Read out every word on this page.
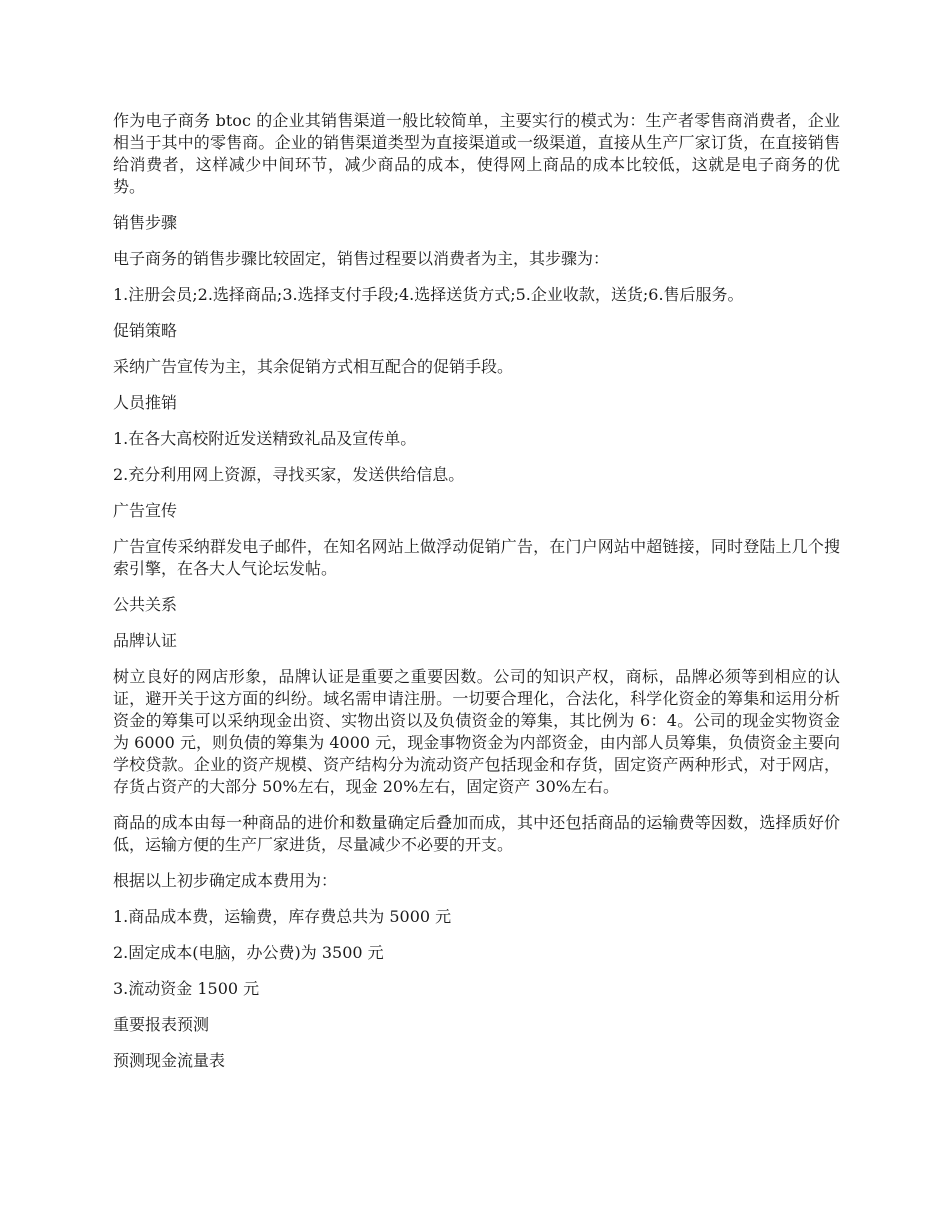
作为电子商务 btoc 的企业其销售渠道一般比较简单，主要实行的模式为：生产者零售商消费者，企业相当于其中的零售商。企业的销售渠道类型为直接渠道或一级渠道，直接从生产厂家订货，在直接销售给消费者，这样减少中间环节，减少商品的成本，使得网上商品的成本比较低，这就是电子商务的优势。

销售步骤

电子商务的销售步骤比较固定，销售过程要以消费者为主，其步骤为：

1.注册会员;2.选择商品;3.选择支付手段;4.选择送货方式;5.企业收款，送货;6.售后服务。

促销策略

采纳广告宣传为主，其余促销方式相互配合的促销手段。

人员推销

1.在各大高校附近发送精致礼品及宣传单。

2.充分利用网上资源，寻找买家，发送供给信息。

广告宣传

广告宣传采纳群发电子邮件，在知名网站上做浮动促销广告，在门户网站中超链接，同时登陆上几个搜索引擎，在各大人气论坛发帖。

公共关系

品牌认证

树立良好的网店形象，品牌认证是重要之重要因数。公司的知识产权，商标，品牌必须等到相应的认证，避开关于这方面的纠纷。域名需申请注册。一切要合理化，合法化，科学化资金的筹集和运用分析资金的筹集可以采纳现金出资、实物出资以及负债资金的筹集，其比例为 6：4。公司的现金实物资金为 6000 元，则负债的筹集为 4000 元，现金事物资金为内部资金，由内部人员筹集，负债资金主要向学校贷款。企业的资产规模、资产结构分为流动资产包括现金和存货，固定资产两种形式，对于网店，存货占资产的大部分 50%左右，现金 20%左右，固定资产 30%左右。

商品的成本由每一种商品的进价和数量确定后叠加而成，其中还包括商品的运输费等因数，选择质好价低，运输方便的生产厂家进货，尽量减少不必要的开支。

根据以上初步确定成本费用为：

1.商品成本费，运输费，库存费总共为 5000 元

2.固定成本(电脑，办公费)为 3500 元

3.流动资金 1500 元

重要报表预测

预测现金流量表
